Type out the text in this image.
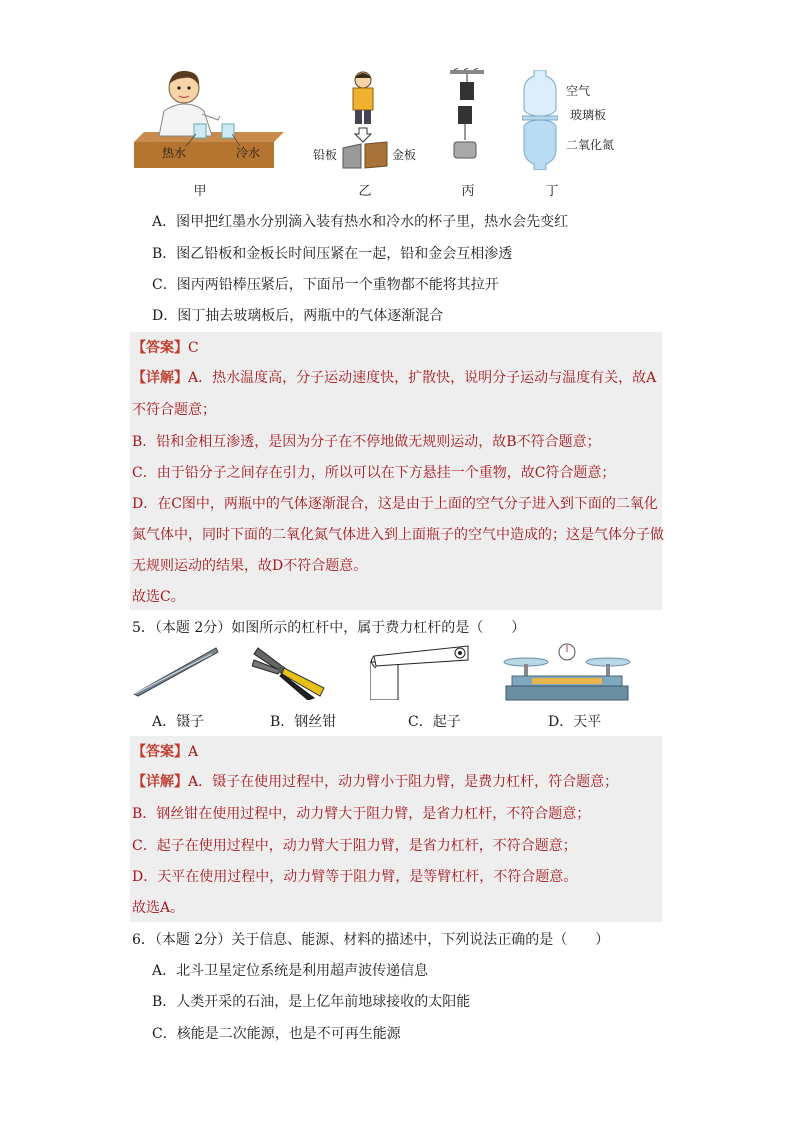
热水	冷水	铅板	金板
空气
玻璃板
二氧化氮
甲	乙	丙	丁
A．图甲把红墨水分别滴入装有热水和冷水的杯子里，热水会先变红
B．图乙铅板和金板长时间压紧在一起，铅和金会互相渗透
C．图丙两铅棒压紧后，下面吊一个重物都不能将其拉开
D．图丁抽去玻璃板后，两瓶中的气体逐渐混合
【答案】C
【详解】A．热水温度高，分子运动速度快，扩散快，说明分子运动与温度有关，故A
不符合题意；
B．铅和金相互渗透，是因为分子在不停地做无规则运动，故B不符合题意；
C．由于铅分子之间存在引力，所以可以在下方悬挂一个重物，故C符合题意；
D．在C图中，两瓶中的气体逐渐混合，这是由于上面的空气分子进入到下面的二氧化
氮气体中，同时下面的二氧化氮气体进入到上面瓶子的空气中造成的；这是气体分子做
无规则运动的结果，故D不符合题意。
故选C。
5．（本题 2分）如图所示的杠杆中，属于费力杠杆的是（　　）
A．镊子	B．钢丝钳	C．起子	D．天平
【答案】A
【详解】A．镊子在使用过程中，动力臂小于阻力臂，是费力杠杆，符合题意；
B．钢丝钳在使用过程中，动力臂大于阻力臂，是省力杠杆，不符合题意；
C．起子在使用过程中，动力臂大于阻力臂，是省力杠杆，不符合题意；
D．天平在使用过程中，动力臂等于阻力臂，是等臂杠杆，不符合题意。
故选A。
6．（本题 2分）关于信息、能源、材料的描述中，下列说法正确的是（　　）
A．北斗卫星定位系统是利用超声波传递信息
B．人类开采的石油，是上亿年前地球接收的太阳能
C．核能是二次能源，也是不可再生能源
